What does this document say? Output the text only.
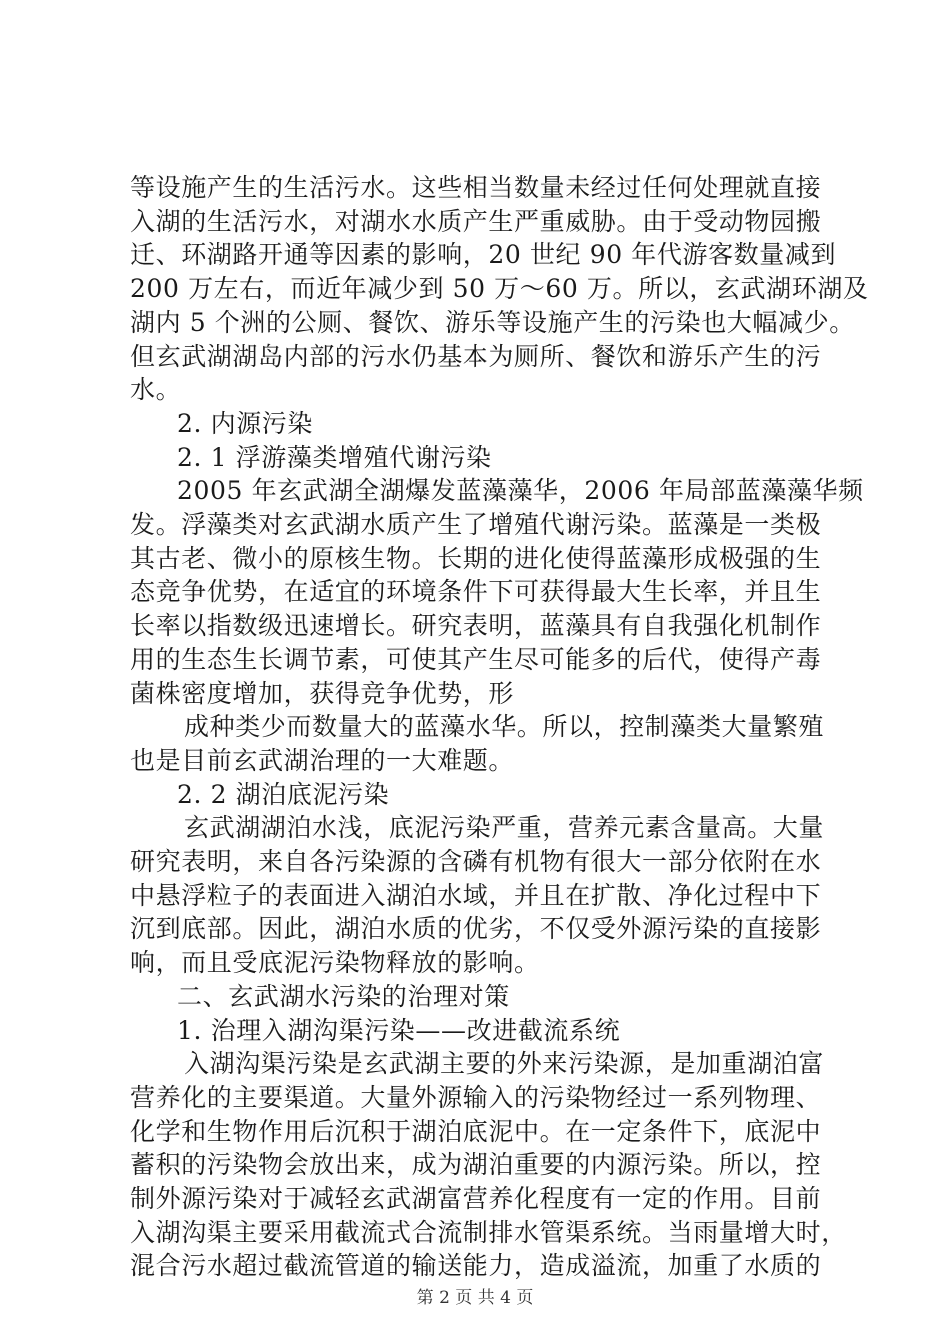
等设施产生的生活污水。这些相当数量未经过任何处理就直接
入湖的生活污水，对湖水水质产生严重威胁。由于受动物园搬
迁、环湖路开通等因素的影响，20 世纪 90 年代游客数量减到
200 万左右，而近年减少到 50 万～60 万。所以，玄武湖环湖及
湖内 5 个洲的公厕、餐饮、游乐等设施产生的污染也大幅减少。
但玄武湖湖岛内部的污水仍基本为厕所、餐饮和游乐产生的污
水。
2. 内源污染
2. 1 浮游藻类增殖代谢污染
2005 年玄武湖全湖爆发蓝藻藻华，2006 年局部蓝藻藻华频
发。浮藻类对玄武湖水质产生了增殖代谢污染。蓝藻是一类极
其古老、微小的原核生物。长期的进化使得蓝藻形成极强的生
态竞争优势，在适宜的环境条件下可获得最大生长率，并且生
长率以指数级迅速增长。研究表明，蓝藻具有自我强化机制作
用的生态生长调节素，可使其产生尽可能多的后代，使得产毒
菌株密度增加，获得竞争优势，形
成种类少而数量大的蓝藻水华。所以，控制藻类大量繁殖
也是目前玄武湖治理的一大难题。
2. 2 湖泊底泥污染
玄武湖湖泊水浅，底泥污染严重，营养元素含量高。大量
研究表明，来自各污染源的含磷有机物有很大一部分依附在水
中悬浮粒子的表面进入湖泊水域，并且在扩散、净化过程中下
沉到底部。因此，湖泊水质的优劣，不仅受外源污染的直接影
响，而且受底泥污染物释放的影响。
二、玄武湖水污染的治理对策
1. 治理入湖沟渠污染——改进截流系统
入湖沟渠污染是玄武湖主要的外来污染源，是加重湖泊富
营养化的主要渠道。大量外源输入的污染物经过一系列物理、
化学和生物作用后沉积于湖泊底泥中。在一定条件下，底泥中
蓄积的污染物会放出来，成为湖泊重要的内源污染。所以，控
制外源污染对于减轻玄武湖富营养化程度有一定的作用。目前
入湖沟渠主要采用截流式合流制排水管渠系统。当雨量增大时，
第 2 页 共 4 页
混合污水超过截流管道的输送能力，造成溢流，加重了水质的
